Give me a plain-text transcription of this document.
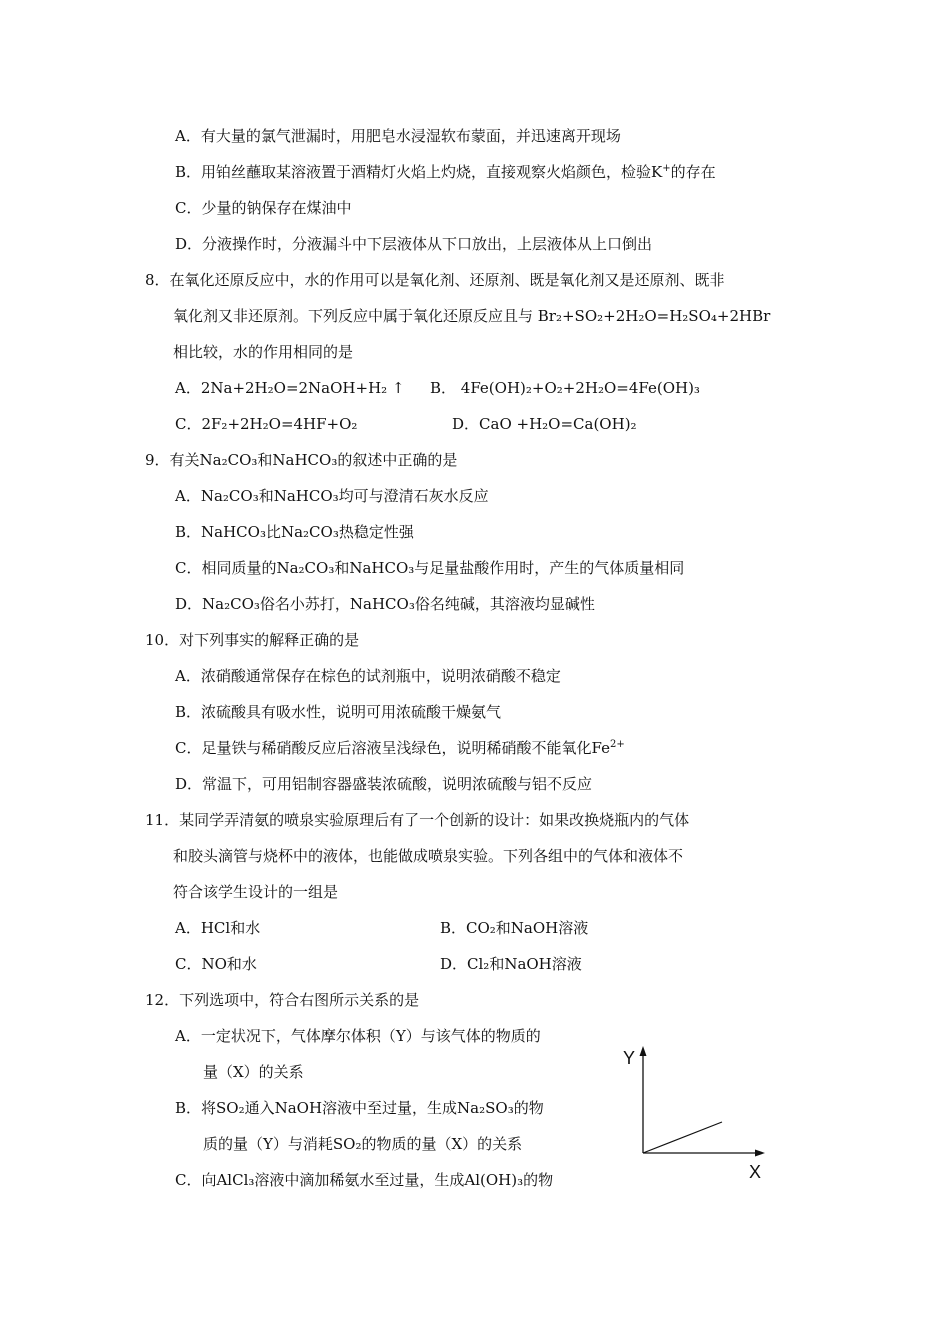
A．有大量的氯气泄漏时，用肥皂水浸湿软布蒙面，并迅速离开现场
B．用铂丝蘸取某溶液置于酒精灯火焰上灼烧，直接观察火焰颜色，检验K+的存在
C．少量的钠保存在煤油中
D．分液操作时，分液漏斗中下层液体从下口放出，上层液体从上口倒出
8．在氧化还原反应中，水的作用可以是氧化剂、还原剂、既是氧化剂又是还原剂、既非
氧化剂又非还原剂。下列反应中属于氧化还原反应且与 Br₂+SO₂+2H₂O=H₂SO₄+2HBr
相比较，水的作用相同的是
A．2Na+2H₂O=2NaOH+H₂ ↑ B． 4Fe(OH)₂+O₂+2H₂O=4Fe(OH)₃
C．2F₂+2H₂O=4HF+O₂	D．CaO +H₂O=Ca(OH)₂
9．有关Na₂CO₃和NaHCO₃的叙述中正确的是
A．Na₂CO₃和NaHCO₃均可与澄清石灰水反应
B．NaHCO₃比Na₂CO₃热稳定性强
C．相同质量的Na₂CO₃和NaHCO₃与足量盐酸作用时，产生的气体质量相同
D．Na₂CO₃俗名小苏打，NaHCO₃俗名纯碱，其溶液均显碱性
10．对下列事实的解释正确的是
A．浓硝酸通常保存在棕色的试剂瓶中，说明浓硝酸不稳定
B．浓硫酸具有吸水性，说明可用浓硫酸干燥氨气
C．足量铁与稀硝酸反应后溶液呈浅绿色，说明稀硝酸不能氧化$Fe^{2+}$
D．常温下，可用铝制容器盛装浓硫酸，说明浓硫酸与铝不反应
11．某同学弄清氨的喷泉实验原理后有了一个创新的设计：如果改换烧瓶内的气体
和胶头滴管与烧杯中的液体，也能做成喷泉实验。下列各组中的气体和液体不
符合该学生设计的一组是
A．HCl和水	B．CO₂和NaOH溶液
C．NO和水	D．Cl₂和NaOH溶液
12．下列选项中，符合右图所示关系的是
A．一定状况下，气体摩尔体积（Y）与该气体的物质的
量（X）的关系
B．将SO₂通入NaOH溶液中至过量，生成Na₂SO₃的物
质的量（Y）与消耗SO₂的物质的量（X）的关系
C．向AlCl₃溶液中滴加稀氨水至过量，生成Al(OH)₃的物
Y
X
